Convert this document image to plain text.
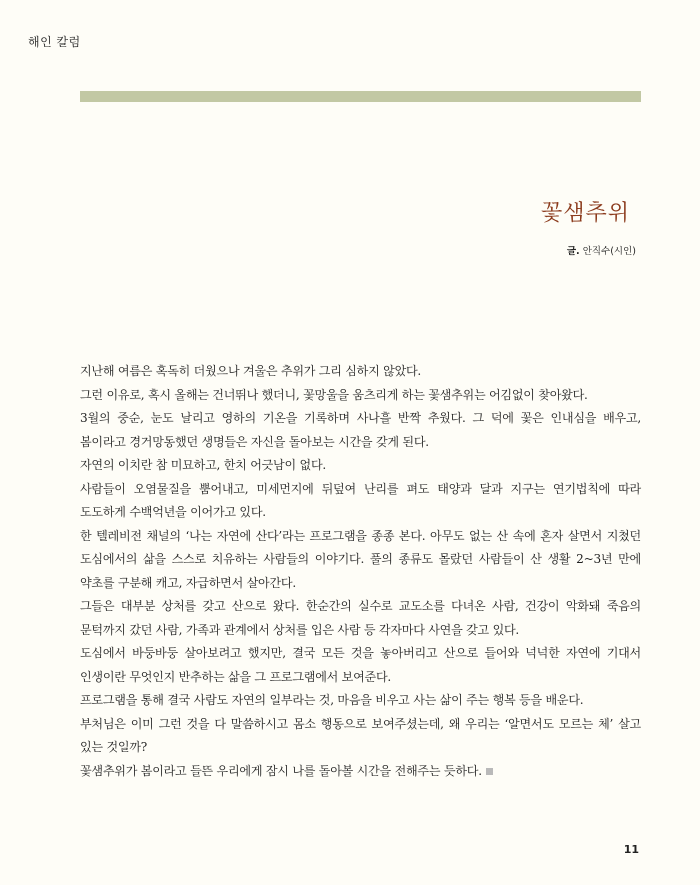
해인 칼럼
꽃샘추위
글. 안직수(시인)

지난해 여름은 혹독히 더웠으나 겨울은 추위가 그리 심하지 않았다.

그런 이유로, 혹시 올해는 건너뛰나 했더니, 꽃망울을 움츠리게 하는 꽃샘추위는 어김없이 찾아왔다.

3월의 중순, 눈도 날리고 영하의 기온을 기록하며 사나흘 반짝 추웠다. 그 덕에 꽃은 인내심을 배우고, 봄이라고 경거망동했던 생명들은 자신을 돌아보는 시간을 갖게 된다.

자연의 이치란 참 미묘하고, 한치 어긋남이 없다.

사람들이 오염물질을 뿜어내고, 미세먼지에 뒤덮여 난리를 펴도 태양과 달과 지구는 연기법칙에 따라 도도하게 수백억년을 이어가고 있다.

한 텔레비전 채널의 ‘나는 자연에 산다’라는 프로그램을 종종 본다. 아무도 없는 산 속에 혼자 살면서 지쳤던 도심에서의 삶을 스스로 치유하는 사람들의 이야기다. 풀의 종류도 몰랐던 사람들이 산 생활 2~3년 만에 약초를 구분해 캐고, 자급하면서 살아간다.

그들은 대부분 상처를 갖고 산으로 왔다. 한순간의 실수로 교도소를 다녀온 사람, 건강이 악화돼 죽음의 문턱까지 갔던 사람, 가족과 관계에서 상처를 입은 사람 등 각자마다 사연을 갖고 있다.

도심에서 바둥바둥 살아보려고 했지만, 결국 모든 것을 놓아버리고 산으로 들어와 넉넉한 자연에 기대서 인생이란 무엇인지 반추하는 삶을 그 프로그램에서 보여준다.

프로그램을 통해 결국 사람도 자연의 일부라는 것, 마음을 비우고 사는 삶이 주는 행복 등을 배운다.

부처님은 이미 그런 것을 다 말씀하시고 몸소 행동으로 보여주셨는데, 왜 우리는 ‘알면서도 모르는 체’ 살고 있는 것일까?

꽃샘추위가 봄이라고 들뜬 우리에게 잠시 나를 돌아볼 시간을 전해주는 듯하다.

11
